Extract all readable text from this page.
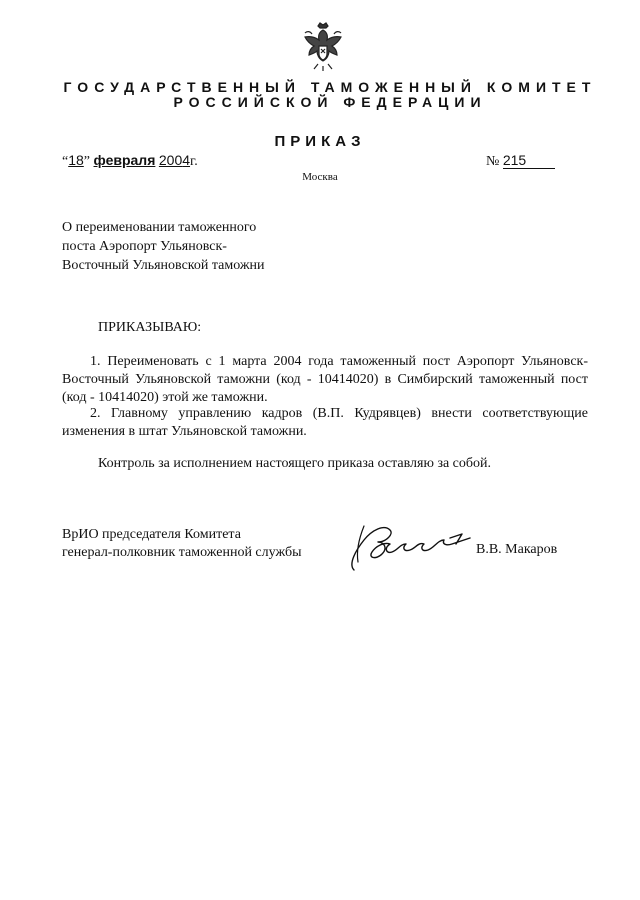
ГОСУДАРСТВЕННЫЙ ТАМОЖЕННЫЙ КОМИТЕТ
РОССИЙСКОЙ ФЕДЕРАЦИИ
ПРИКАЗ
“18” февраля 2004г.	№ 215
Москва
О переименовании таможенного
поста Аэропорт Ульяновск-
Восточный Ульяновской таможни
ПРИКАЗЫВАЮ:
1. Переименовать с 1 марта 2004 года таможенный пост Аэропорт Ульяновск-Восточный Ульяновской таможни (код - 10414020) в Симбирский таможенный пост (код - 10414020) этой же таможни.
2. Главному управлению кадров (В.П. Кудрявцев) внести соответствующие изменения в штат Ульяновской таможни.
Контроль за исполнением настоящего приказа оставляю за собой.
ВрИО председателя Комитета
генерал-полковник таможенной службы	В.В. Макаров
